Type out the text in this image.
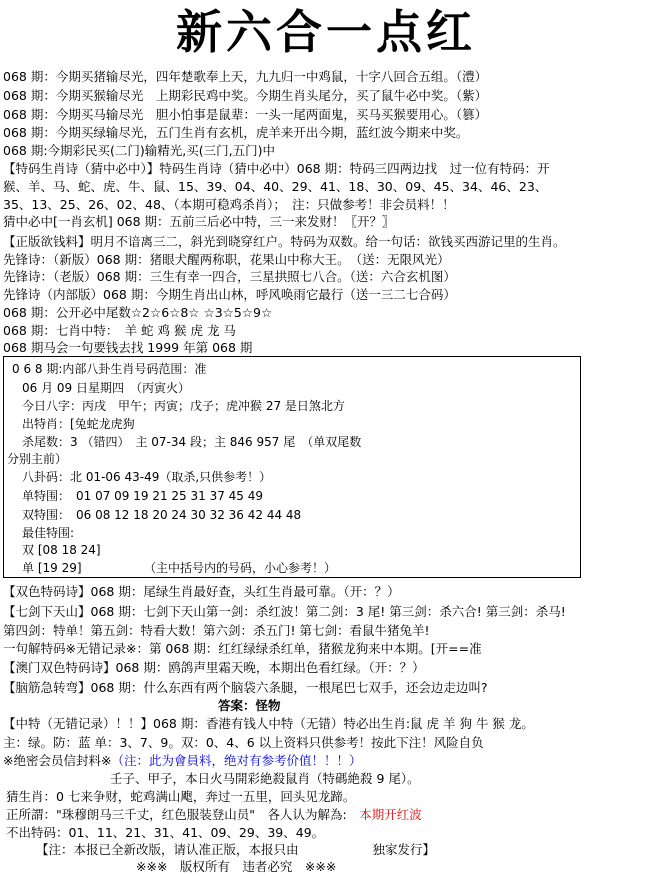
新六合一点红
068 期：今期买猪输尽光，四年楚歌奉上天，九九归一中鸡鼠，十字八回合五组。（澧）
068 期：今期买猴输尽光　上期彩民鸡中奖。今期生肖头尾分，买了鼠牛必中奖。（紫）
068 期：今期买马输尽光　胆小怕事是鼠辈：一头一尾两面鬼，买马买猴要用心。（篡）
068 期：今期买绿输尽光，五门生肖有玄机，虎羊来开出今期，蓝红波今期来中奖。
068 期:今期彩民买(二门)输精光,买(三门,五门)中
【特码生肖诗（猜中必中）】特码生肖诗（猜中必中）068 期：特码三四两边找　过一位有特码：开
猴、羊、马、蛇、虎、牛、鼠、15、39、04、40、29、41、18、30、09、45、34、46、23、
35、13、25、26、02、48、（本期可稳鸡杀肖）；　注：只做参考！非会员料！！
猜中必中[一肖玄机] 068 期：五前三后必中特，三一来发财！〖开？〗
【正版欲钱料】明月不谙离三二，斜光到晓穿红户。特码为双数。给一句话：欲钱买西游记里的生肖。
先锋诗：（新版）068 期：猪眼犬醒两称职，花果山中称大王。　（送：无限风光）
先锋诗：（老版）068 期：三生有幸一四合，三星拱照七八合。（送：六合玄机图）
先锋诗（内部版）068 期：今期生肖出山林，呼风唤雨它最行（送一三二七合码）
068 期：公开必中尾数☆2☆6☆8☆ ☆3☆5☆9☆
068 期：七肖中特：　羊 蛇 鸡 猴 虎 龙 马
068 期马会一句要钱去找 1999 年第 068 期
0 6 8 期:内部八卦生肖号码范围：准
06 月 09 日星期四　（丙寅火）
今日八字：丙戌　甲午；丙寅；戊子；虎冲猴 27 是日煞北方
出特肖：[兔蛇龙虎狗
杀尾数：3 （错四）　主 07-34 段；主 846 957 尾　（单双尾数
分别主前）
八卦码：北 01-06 43-49（取杀,只供参考！）
单特围：　01 07 09 19 21 25 31 37 45 49
双特围：　06 08 12 18 20 24 30 32 36 42 44 48
最佳特围:
双 [08 18 24]
单 [19 29]	（主中括号内的号码，小心参考！）
【双色特码诗】068 期：尾绿生肖最好查，头红生肖最可靠。（开：？）
【七剑下天山】068 期：七剑下天山第一剑：杀红波！第二剑：3 尾! 第三剑：杀六合! 第三剑：杀马!
第四剑：特单！第五剑：特看大数！第六剑：杀五门! 第七剑：看鼠牛猪兔羊!
一句解特码※无错记录※：第 068 期：红红绿绿杀红单，猪猴龙狗来中本期。[开==准
【澳门双色特码诗】068 期：鸥鸽声里霜天晚，本期出色看红绿。（开：？）
【脑筋急转弯】068 期：什么东西有两个脑袋六条腿，一根尾巴七双手，还会边走边叫?
答案：怪物
【中特（无错记录）！！】068 期：香港有钱人中特（无错）特必出生肖:鼠 虎 羊 狗 牛 猴 龙。
主：绿。防：蓝 单：3、7、9。双：0、4、6 以上资料只供参考！按此下注！风险自负
※绝密会员信封料※（注：此为會員料，绝对有参考价值！！！）
壬子、甲子，本日火马開彩絶殺鼠肖（特碼絶殺 9 尾）。
猜生肖：0 七来争财，蛇鸡满山飑，奔过一五里，回头见龙蹄。
正所謂："珠穆朗马三千丈，红色服装登山员"　 各人认为解為:　 本期开红波
不出特码：01、11、21、31、41、09、29、39、49。
【注：本报已全新改版，请认准正版，本报只由	独家发行】
※※※　版权所有　违者必究　※※※
